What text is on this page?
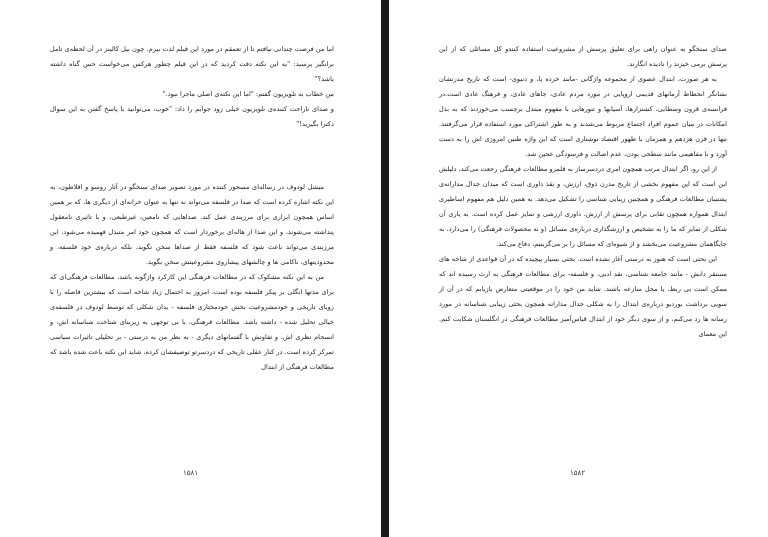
اما من فرصت چندانی نیافتم تا از تعمقم در مورد این فیلم لذت ببرم. چون بیل کالینز در آن لحظه‌ی تامل برانگیز پرسید: "به این نکته دقت کردید که در این فیلم چطور هرکس می‌خواست حس گناه داشته باشد؟"

من خطاب به تلویزیون گفتم: "اما این نکته‌ی اصلی ماجرا نبود."

و صدای ناراحت کننده‌ی تلویزیون خیلی زود جوابم را داد: "خوب، می‌توانید با پاسخ گفتن به این سوال دکترا بگیرید!"

میشل لودوف در رساله‌ای مسحور کننده در مورد تصویر صدای سنخگو در آثار روسو و افلاطون، به این نکته اشاره کرده است که صدا در فلسفه می‌تواند نه تنها به عنوان خزانه‌ای از دیگری ها، که بر همین اساس همچون ابزاری برای مرزبندی عمل کند. صداهایی که نامعین، غیرطبعی، و با تاثیری نامعقول پنداشته می‌شوند، و این صدا از هاله‌ای برخوردار است که همچون خود امر متبذل فهمیده می‌شود. این مرزبندی می‌تواند باعث شود که فلسفه فقط از صداها سخن نگوید، بلکه درباره‌ی خود فلسفه، و محدودیتهای، ناکامی ها و چالشهای پیشاروی مشروعیتش سخن بگوید.

من به این نکته مشکوک که در مطالعات فرهنگی این کارکرد واژگونه باشد. مطالعات فرهنگی‌ای که برای مدتها انگلی بر پیکر فلسفه بوده است، امروز به احتمال زیاد شاخه است که بیشترین فاصله را با رویای تاریخی و خودمشروعیت بخش خودمختاری فلسفه - بدان شکلی که توسط لودوف در فلسفه‌ی خیالی تحلیل شده - داشته باشد. مطالعات فرهنگی، با بی توجهی به زیربنای شناخت شناسانه اش، و انسجام نظری اش، و تفاوتش با گفتمانهای دیگری - به نظر من به درستی - بر تحلیلی تاثیرات سیاسی تمرکز کرده است. در کنار عقلی تاریخی که دردسرتو توصیفشان کرده، شاید این نکته باعث شده باشد که مطالعات فرهنگی از ابتدال

۱۵۸۱

صدای سنخگو به عنوان راهی برای تعلیق پرسش از مشروعیت استفاده کنندو کل مسائلی که از این پرسش برمی خیزند را نادیده انگارند.

به هر صورت، ابتدال عضوی از مجموعه واژگانی -مانند خرده پا، و دنیوی- است که تاریخ مدرنشان نشانگر انحطاط آرمانهای قدیمی اروپایی در مورد مردم عادی، جاهای عادی، و فرهنگ عادی است.در فرانسه‌ی قرون وسطایی، کشتزارها، آسیابها و تنورهایی با مفهوم مبتذل برچسب می‌خوردند که به بذل امکانات در میان عموم افراد اجتماع مربوط می‌شدند و به طور اشتراکی مورد استفاده قرار می‌گرفتند. تنها در قرن هژدهم و همزمان با ظهور اقتصاد نوشتاری است که این واژه طنین امروزی اش را به دست آورد و با مفاهیمی مانند سطحی بودن، عدم اصالت و فرسودگی عجین شد.

از این رو، اگر ابتدال مرتب همچون امری دردسرساز به قلمرو مطالعات فرهنگی رجعت می‌کند، دلیلش این است که این مفهوم بخشی از تاریخ مدرن ذوق، ارزش، و نقد داوری است که میدان جدال مدارانه‌ی پشتیبان مطالعات فرهنگی و همچنین زیبایی شناسی را تشکیل می‌دهد. به همین دلیل هم مفهوم اساطیری ابتدال همواره همچون نقابی برای پرسش از ارزش، داوری ارزشی و تمایز عمل کرده است. به یاری آن شکلی از تمایز که ما را به تشخیص و ارزشگذاری درباره‌ی مسائل (و نه محصولات فرهنگی) را می‌دارد، به جایگاهمان مشروعیت می‌بخشد و از شیوه‌ای که مسائل را بر می‌گزینیم، دفاع می‌کند.

این بحثی است که هنوز به درستی آغاز نشده است. بحثی بسیار پیچیده که در آن قواعدی از شاخه های مستقر دانش - مانند جامعه شناسی، نقد ادبی، و فلسفه- برای مطالعات فرهنگی به ارث رسیده اند که ممکن است بی ربط، یا محل منازعه باشند. شاید من خود را در موقعیتی متعارض بازیابم که در آن از سویی برداشت بوردیو درباره‌ی ابتدال را به شکلی جدال مدارانه همچون بحثی زیبایی شناسانه در مورد رسانه ها رد می‌کنم، و از سوی دیگر خود از ابتدال قیاس‌آمیز مطالعات فرهنگی در انگلستان شکایت کنم. این معمای

۱۵۸۲
